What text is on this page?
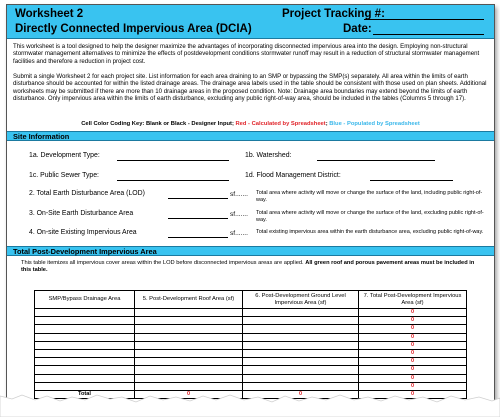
Worksheet 2
Directly Connected Impervious Area (DCIA)
Project Tracking #:
Date:
This worksheet is a tool designed to help the designer maximize the advantages of incorporating disconnected impervious area into the design. Employing non-structural stormwater management alternatives to minimize the effects of postdevelopment conditions stormwater runoff may result in a reduction of structural stormwater management facilities and therefore a reduction in project cost.
Submit a single Worksheet 2 for each project site. List information for each area draining to an SMP or bypassing the SMP(s) separately. All area within the limits of earth disturbance should be accounted for within the listed drainage areas. The drainage area labels used in the table should be consistent with those used on plan sheets. Additional worksheets may be submitted if there are more than 10 drainage areas in the proposed condition. Note: Drainage area boundaries may extend beyond the limits of earth disturbance. Only impervious area within the limits of earth disturbance, excluding any public right-of-way area, should be included in the tables (Columns 5 through 17).
Cell Color Coding Key: Blank or Black - Designer Input; Red - Calculated by Spreadsheet; Blue - Populated by Spreadsheet
Site Information
1a. Development Type:	1b. Watershed:
1c. Public Sewer Type:	1d. Flood Management District:
2. Total Earth Disturbance Area (LOD)	sf....... Total area where activity will move or change the surface of the land, including public right-of-way.
3. On-Site Earth Disturbance Area	sf....... Total area where activity will move or change the surface of the land, excluding public right-of-way.
4. On-site Existing Impervious Area	sf....... Total existing impervious area within the earth disturbance area, excluding public right-of-way.
Total Post-Development Impervious Area
This table itemizes all impervious cover areas within the LOD before disconnected impervious areas are applied. All green roof and porous pavement areas must be included in this table.
SMP/Bypass Drainage Area	5. Post-Development Roof Area (sf)	6. Post-Development Ground Level Impervious Area (sf)	7. Total Post-Development Impervious Area (sf)
			0
			0
			0
			0
			0
			0
			0
			0
			0
			0
Total	0	0	0
